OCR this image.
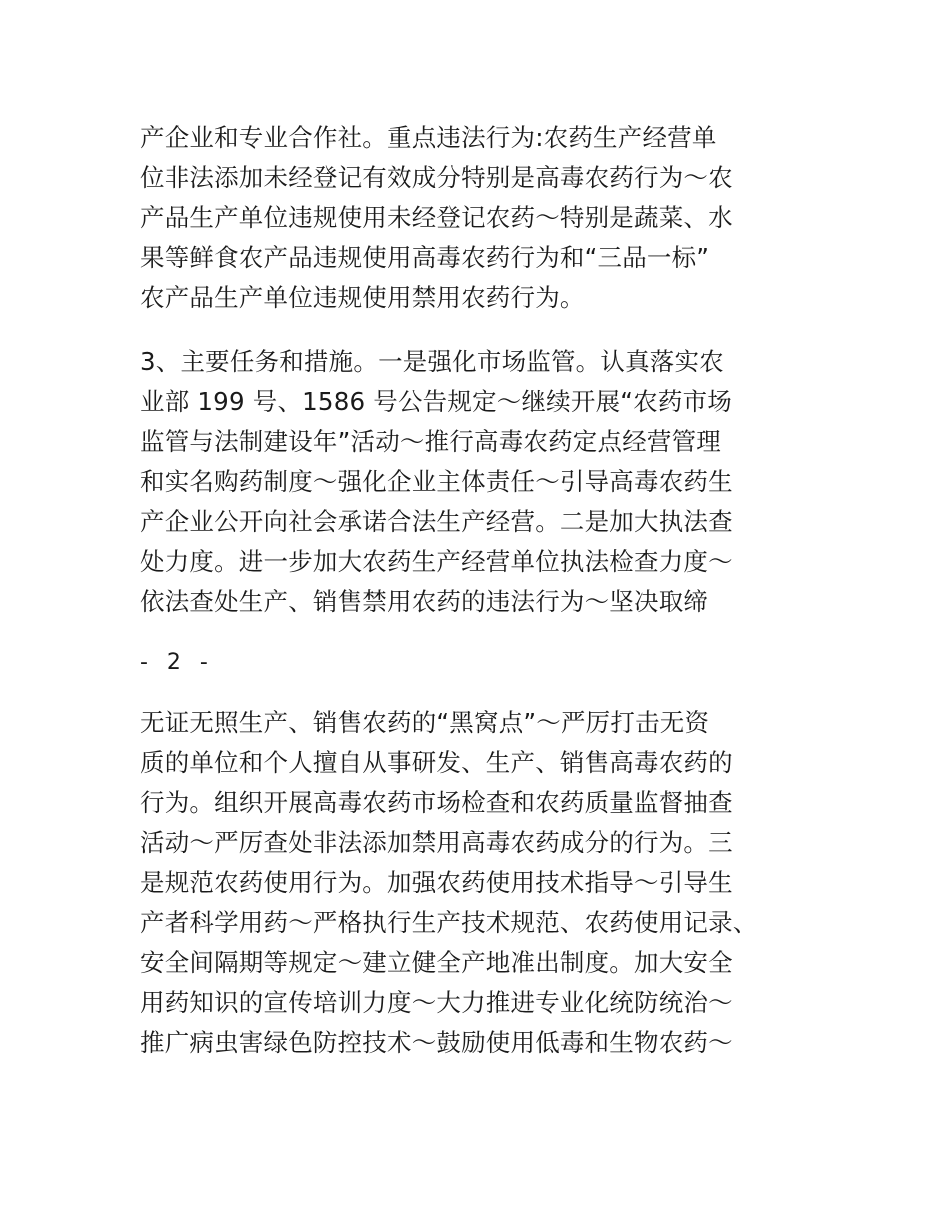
产企业和专业合作社。重点违法行为:农药生产经营单
位非法添加未经登记有效成分特别是高毒农药行为～农
产品生产单位违规使用未经登记农药～特别是蔬菜、水
果等鲜食农产品违规使用高毒农药行为和“三品一标”
农产品生产单位违规使用禁用农药行为。
3、主要任务和措施。一是强化市场监管。认真落实农
业部 199 号、1586 号公告规定～继续开展“农药市场
监管与法制建设年”活动～推行高毒农药定点经营管理
和实名购药制度～强化企业主体责任～引导高毒农药生
产企业公开向社会承诺合法生产经营。二是加大执法查
处力度。进一步加大农药生产经营单位执法检查力度～
依法查处生产、销售禁用农药的违法行为～坚决取缔
- 2 -
无证无照生产、销售农药的“黑窝点”～严厉打击无资
质的单位和个人擅自从事研发、生产、销售高毒农药的
行为。组织开展高毒农药市场检查和农药质量监督抽查
活动～严厉查处非法添加禁用高毒农药成分的行为。三
是规范农药使用行为。加强农药使用技术指导～引导生
产者科学用药～严格执行生产技术规范、农药使用记录、
安全间隔期等规定～建立健全产地准出制度。加大安全
用药知识的宣传培训力度～大力推进专业化统防统治～
推广病虫害绿色防控技术～鼓励使用低毒和生物农药～
